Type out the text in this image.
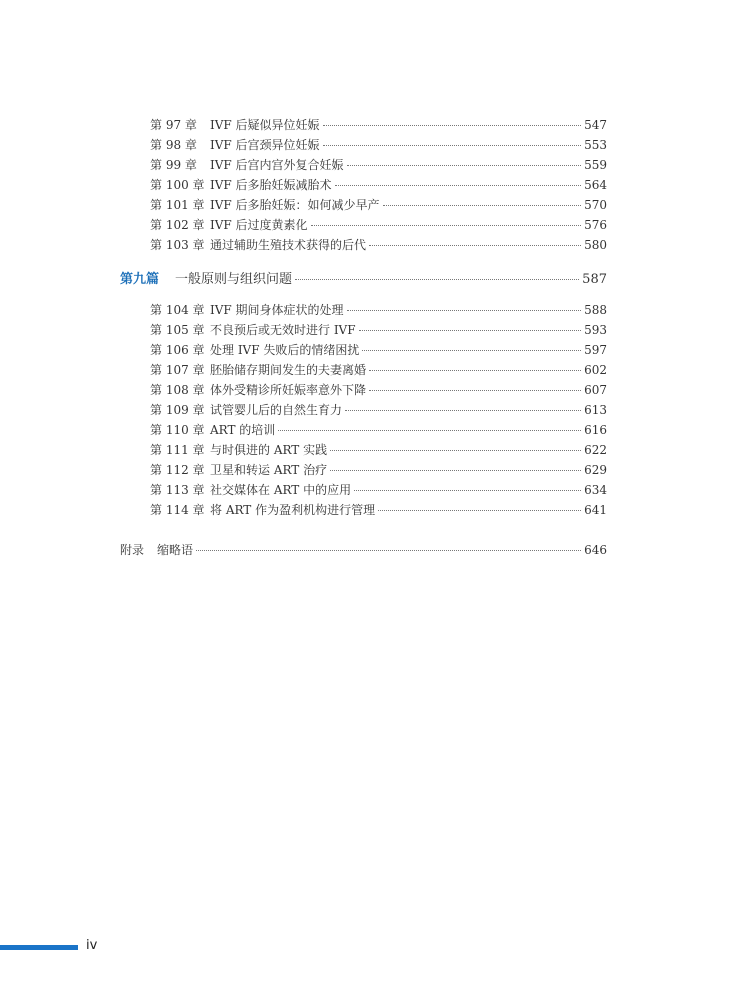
第 97 章	IVF 后疑似异位妊娠	547
第 98 章	IVF 后宫颈异位妊娠	553
第 99 章	IVF 后宫内宫外复合妊娠	559
第 100 章 IVF 后多胎妊娠减胎术	564
第 101 章 IVF 后多胎妊娠：如何减少早产	570
第 102 章 IVF 后过度黄素化	576
第 103 章 通过辅助生殖技术获得的后代	580
第九篇	一般原则与组织问题	587
第 104 章 IVF 期间身体症状的处理	588
第 105 章 不良预后或无效时进行 IVF	593
第 106 章 处理 IVF 失败后的情绪困扰	597
第 107 章 胚胎储存期间发生的夫妻离婚	602
第 108 章 体外受精诊所妊娠率意外下降	607
第 109 章 试管婴儿后的自然生育力	613
第 110 章 ART 的培训	616
第 111 章 与时俱进的 ART 实践	622
第 112 章 卫星和转运 ART 治疗	629
第 113 章 社交媒体在 ART 中的应用	634
第 114 章 将 ART 作为盈利机构进行管理	641
附录	缩略语	646
iv
